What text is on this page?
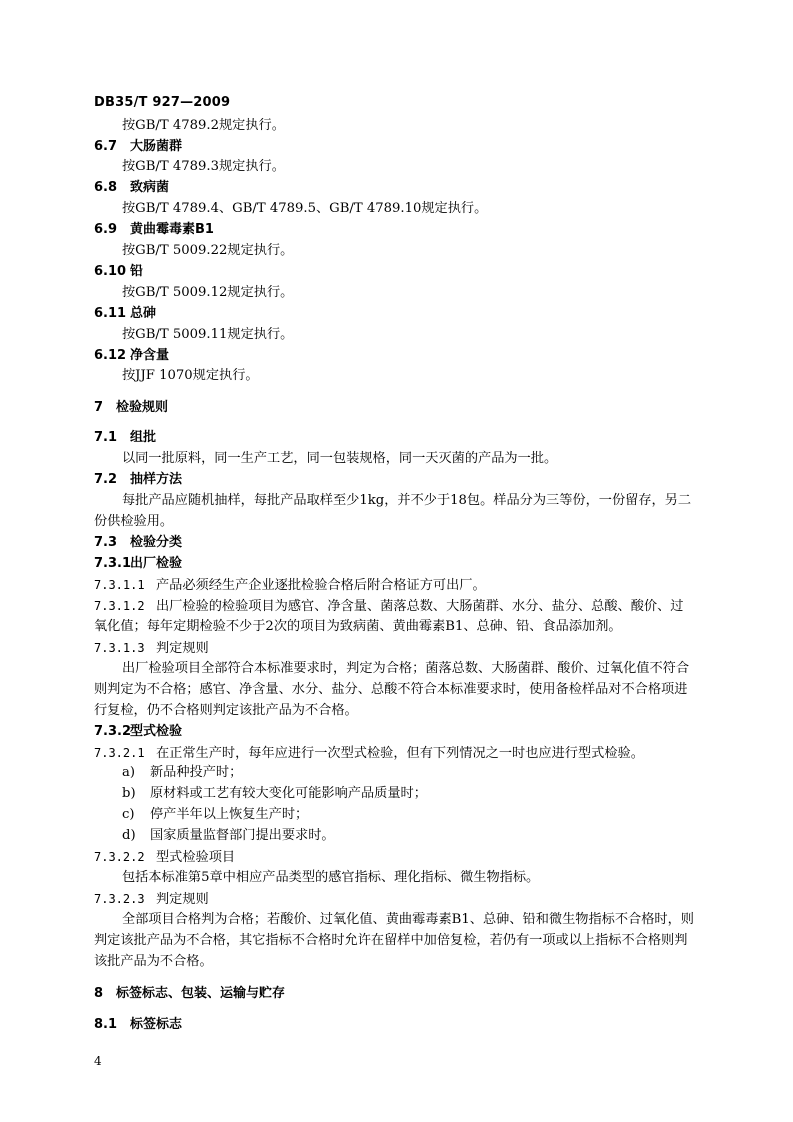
DB35/T 927—2009
按GB/T 4789.2规定执行。
6.7 大肠菌群
按GB/T 4789.3规定执行。
6.8 致病菌
按GB/T 4789.4、GB/T 4789.5、GB/T 4789.10规定执行。
6.9 黄曲霉毒素B1
按GB/T 5009.22规定执行。
6.10 铅
按GB/T 5009.12规定执行。
6.11 总砷
按GB/T 5009.11规定执行。
6.12 净含量
按JJF 1070规定执行。
7 检验规则
7.1 组批
以同一批原料，同一生产工艺，同一包装规格，同一天灭菌的产品为一批。
7.2 抽样方法
每批产品应随机抽样，每批产品取样至少1kg，并不少于18包。样品分为三等份，一份留存，另二
份供检验用。
7.3 检验分类
7.3.1出厂检验
7.3.1.1 产品必须经生产企业逐批检验合格后附合格证方可出厂。
7.3.1.2 出厂检验的检验项目为感官、净含量、菌落总数、大肠菌群、水分、盐分、总酸、酸价、过
氧化值；每年定期检验不少于2次的项目为致病菌、黄曲霉素B1、总砷、铅、食品添加剂。
7.3.1.3 判定规则
出厂检验项目全部符合本标准要求时，判定为合格；菌落总数、大肠菌群、酸价、过氧化值不符合
则判定为不合格；感官、净含量、水分、盐分、总酸不符合本标准要求时，使用备检样品对不合格项进
行复检，仍不合格则判定该批产品为不合格。
7.3.2型式检验
7.3.2.1 在正常生产时，每年应进行一次型式检验，但有下列情况之一时也应进行型式检验。
a) 新品种投产时；
b) 原材料或工艺有较大变化可能影响产品质量时；
c) 停产半年以上恢复生产时；
d) 国家质量监督部门提出要求时。
7.3.2.2 型式检验项目
包括本标准第5章中相应产品类型的感官指标、理化指标、微生物指标。
7.3.2.3 判定规则
全部项目合格判为合格；若酸价、过氧化值、黄曲霉毒素B1、总砷、铅和微生物指标不合格时，则
判定该批产品为不合格，其它指标不合格时允许在留样中加倍复检，若仍有一项或以上指标不合格则判
该批产品为不合格。
8 标签标志、包装、运输与贮存
8.1 标签标志
4
